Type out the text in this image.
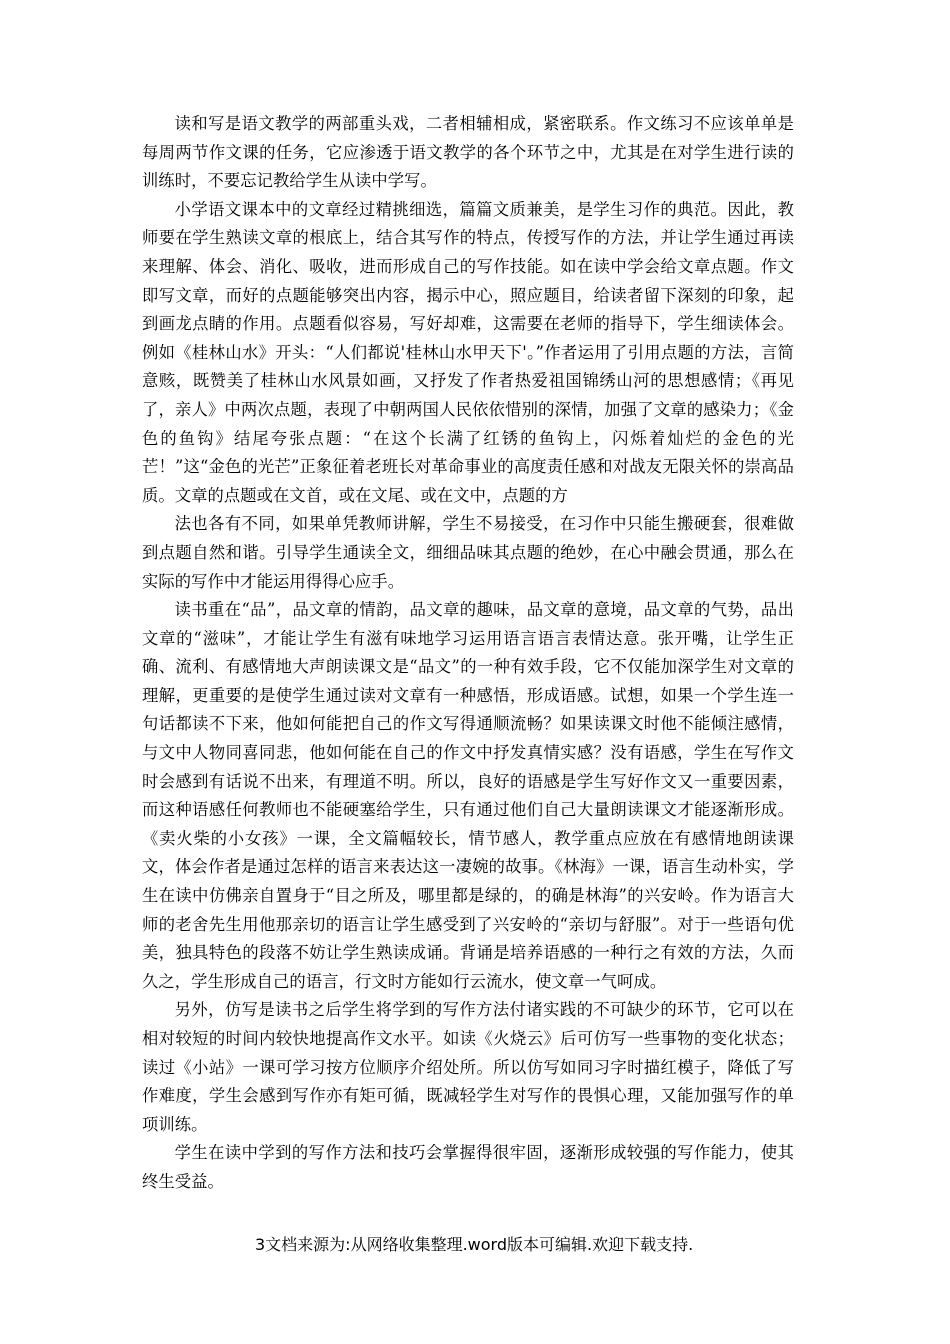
读和写是语文教学的两部重头戏，二者相辅相成，紧密联系。作文练习不应该单单是每周两节作文课的任务，它应渗透于语文教学的各个环节之中，尤其是在对学生进行读的训练时，不要忘记教给学生从读中学写。

小学语文课本中的文章经过精挑细选，篇篇文质兼美，是学生习作的典范。因此，教师要在学生熟读文章的根底上，结合其写作的特点，传授写作的方法，并让学生通过再读来理解、体会、消化、吸收，进而形成自己的写作技能。如在读中学会给文章点题。作文即写文章，而好的点题能够突出内容，揭示中心，照应题目，给读者留下深刻的印象，起到画龙点睛的作用。点题看似容易，写好却难，这需要在老师的指导下，学生细读体会。例如《桂林山水》开头：“人们都说'桂林山水甲天下'。”作者运用了引用点题的方法，言简意赅，既赞美了桂林山水风景如画，又抒发了作者热爱祖国锦绣山河的思想感情；《再见了，亲人》中两次点题，表现了中朝两国人民依依惜别的深情，加强了文章的感染力；《金色的鱼钩》结尾夸张点题：“在这个长满了红锈的鱼钩上，闪烁着灿烂的金色的光芒！”这“金色的光芒”正象征着老班长对革命事业的高度责任感和对战友无限关怀的崇高品质。文章的点题或在文首，或在文尾、或在文中，点题的方

法也各有不同，如果单凭教师讲解，学生不易接受，在习作中只能生搬硬套，很难做到点题自然和谐。引导学生通读全文，细细品味其点题的绝妙，在心中融会贯通，那么在实际的写作中才能运用得得心应手。

读书重在“品”，品文章的情韵，品文章的趣味，品文章的意境，品文章的气势，品出文章的“滋味”，才能让学生有滋有味地学习运用语言语言表情达意。张开嘴，让学生正确、流利、有感情地大声朗读课文是“品文”的一种有效手段，它不仅能加深学生对文章的理解，更重要的是使学生通过读对文章有一种感悟，形成语感。试想，如果一个学生连一句话都读不下来，他如何能把自己的作文写得通顺流畅？如果读课文时他不能倾注感情，与文中人物同喜同悲，他如何能在自己的作文中抒发真情实感？没有语感，学生在写作文时会感到有话说不出来，有理道不明。所以，良好的语感是学生写好作文又一重要因素，而这种语感任何教师也不能硬塞给学生，只有通过他们自己大量朗读课文才能逐渐形成。《卖火柴的小女孩》一课，全文篇幅较长，情节感人，教学重点应放在有感情地朗读课文，体会作者是通过怎样的语言来表达这一凄婉的故事。《林海》一课，语言生动朴实，学生在读中仿佛亲自置身于“目之所及，哪里都是绿的，的确是林海”的兴安岭。作为语言大师的老舍先生用他那亲切的语言让学生感受到了兴安岭的“亲切与舒服”。对于一些语句优美，独具特色的段落不妨让学生熟读成诵。背诵是培养语感的一种行之有效的方法，久而久之，学生形成自己的语言，行文时方能如行云流水，使文章一气呵成。

另外，仿写是读书之后学生将学到的写作方法付诸实践的不可缺少的环节，它可以在相对较短的时间内较快地提高作文水平。如读《火烧云》后可仿写一些事物的变化状态；读过《小站》一课可学习按方位顺序介绍处所。所以仿写如同习字时描红模子，降低了写作难度，学生会感到写作亦有矩可循，既减轻学生对写作的畏惧心理，又能加强写作的单项训练。

学生在读中学到的写作方法和技巧会掌握得很牢固，逐渐形成较强的写作能力，使其终生受益。

3文档来源为:从网络收集整理.word版本可编辑.欢迎下载支持.
